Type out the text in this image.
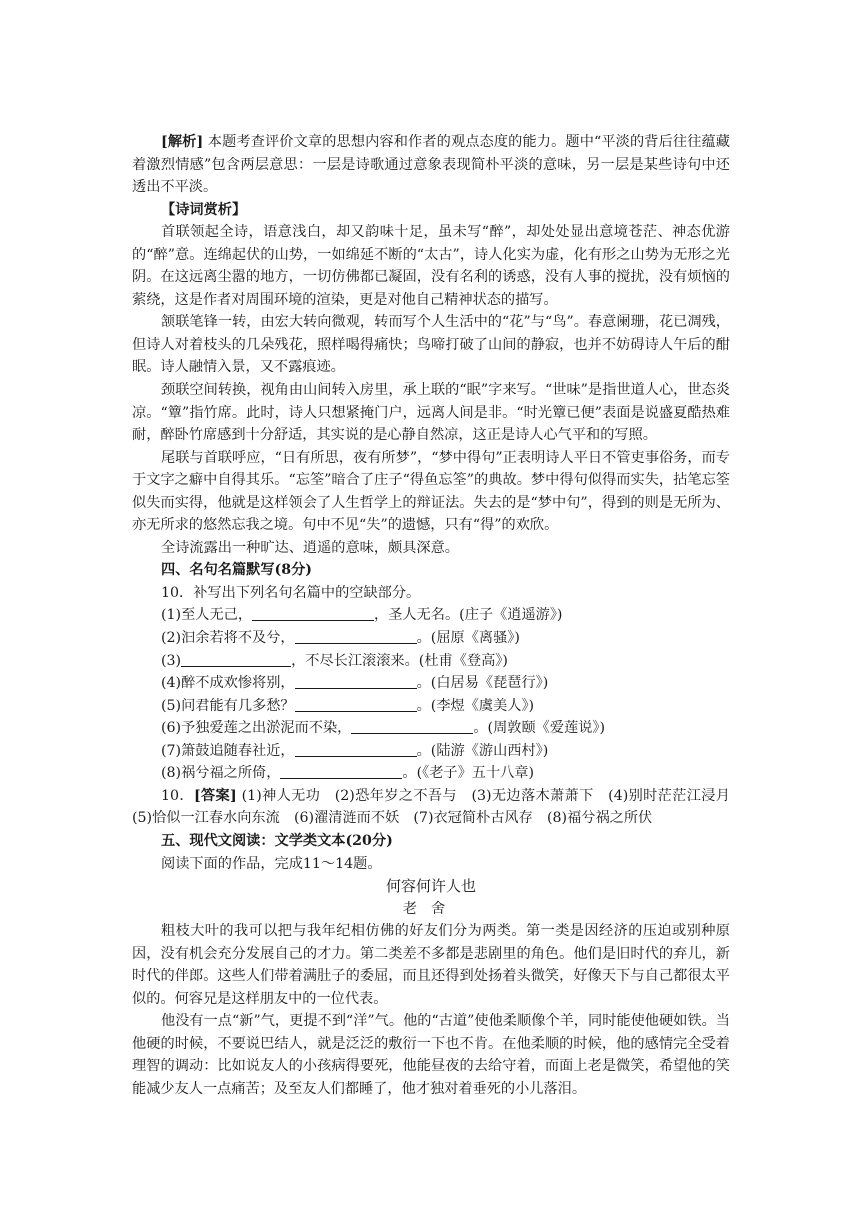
[解析] 本题考查评价文章的思想内容和作者的观点态度的能力。题中“平淡的背后往往蕴藏着激烈情感”包含两层意思：一层是诗歌通过意象表现简朴平淡的意味，另一层是某些诗句中还透出不平淡。

【诗词赏析】

首联领起全诗，语意浅白，却又韵味十足，虽未写“醉”，却处处显出意境苍茫、神态优游的“醉”意。连绵起伏的山势，一如绵延不断的“太古”，诗人化实为虚，化有形之山势为无形之光阴。在这远离尘嚣的地方，一切仿佛都已凝固，没有名利的诱惑，没有人事的搅扰，没有烦恼的萦绕，这是作者对周围环境的渲染，更是对他自己精神状态的描写。

颔联笔锋一转，由宏大转向微观，转而写个人生活中的“花”与“鸟”。春意阑珊，花已凋残，但诗人对着枝头的几朵残花，照样喝得痛快；鸟啼打破了山间的静寂，也并不妨碍诗人午后的酣眠。诗人融情入景，又不露痕迹。

颈联空间转换，视角由山间转入房里，承上联的“眠”字来写。“世味”是指世道人心，世态炎凉。“簟”指竹席。此时，诗人只想紧掩门户，远离人间是非。“时光簟已便”表面是说盛夏酷热难耐，醉卧竹席感到十分舒适，其实说的是心静自然凉，这正是诗人心气平和的写照。

尾联与首联呼应，“日有所思，夜有所梦”，“梦中得句”正表明诗人平日不管吏事俗务，而专于文字之癖中自得其乐。“忘筌”暗合了庄子“得鱼忘筌”的典故。梦中得句似得而实失，拈笔忘筌似失而实得，他就是这样领会了人生哲学上的辩证法。失去的是“梦中句”，得到的则是无所为、亦无所求的悠然忘我之境。句中不见“失”的遗憾，只有“得”的欢欣。

全诗流露出一种旷达、逍遥的意味，颇具深意。

四、名句名篇默写(8分)

10．补写出下列名句名篇中的空缺部分。

(1)至人无己，	，圣人无名。(庄子《逍遥游》)

(2)汩余若将不及兮，	。(屈原《离骚》)

(3)	，不尽长江滚滚来。(杜甫《登高》)

(4)醉不成欢惨将别，	。(白居易《琵琶行》)

(5)问君能有几多愁？	。(李煜《虞美人》)

(6)予独爱莲之出淤泥而不染，	。(周敦颐《爱莲说》)

(7)箫鼓追随春社近，	。(陆游《游山西村》)

(8)祸兮福之所倚，	。(《老子》五十八章)

10．[答案] (1)神人无功　(2)恐年岁之不吾与　(3)无边落木萧萧下　(4)别时茫茫江浸月　(5)恰似一江春水向东流　(6)濯清涟而不妖　(7)衣冠简朴古风存　(8)福兮祸之所伏

五、现代文阅读：文学类文本(20分)

阅读下面的作品，完成11～14题。

何容何许人也

老舍

粗枝大叶的我可以把与我年纪相仿佛的好友们分为两类。第一类是因经济的压迫或别种原因，没有机会充分发展自己的才力。第二类差不多都是悲剧里的角色。他们是旧时代的弃儿，新时代的伴郎。这些人们带着满肚子的委屈，而且还得到处扬着头微笑，好像天下与自己都很太平似的。何容兄是这样朋友中的一位代表。

他没有一点“新”气，更提不到“洋”气。他的“古道”使他柔顺像个羊，同时能使他硬如铁。当他硬的时候，不要说巴结人，就是泛泛的敷衍一下也不肯。在他柔顺的时候，他的感情完全受着理智的调动：比如说友人的小孩病得要死，他能昼夜的去给守着，而面上老是微笑，希望他的笑能减少友人一点痛苦；及至友人们都睡了，他才独对着垂死的小儿落泪。
